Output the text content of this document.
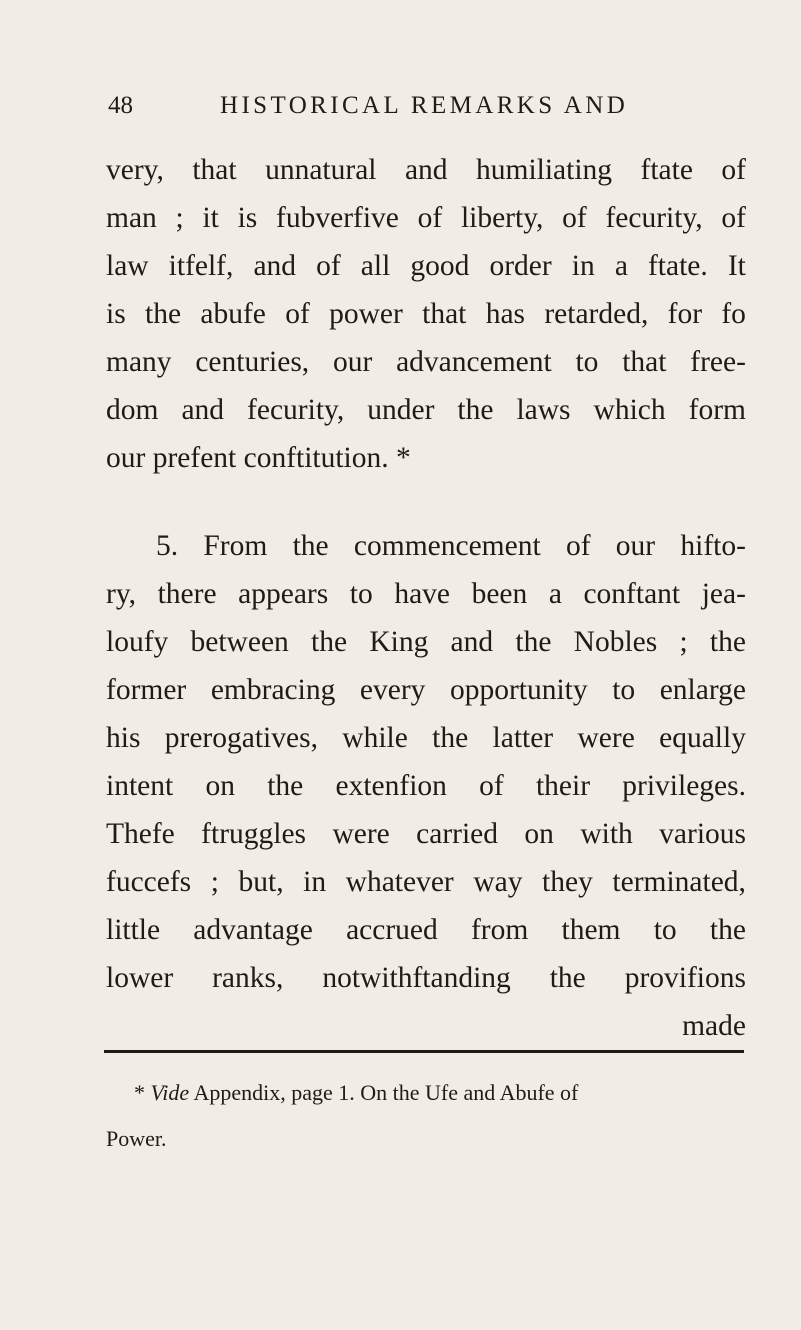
48	HISTORICAL REMARKS AND
very, that unnatural and humiliating ftate of
man ; it is fubverfive of liberty, of fecurity, of
law itfelf, and of all good order in a ftate. It
is the abufe of power that has retarded, for fo
many centuries, our advancement to that free-
dom and fecurity, under the laws which form
our prefent conftitution. *
5. From the commencement of our hifto-
ry, there appears to have been a conftant jea-
loufy between the King and the Nobles ; the
former embracing every opportunity to enlarge
his prerogatives, while the latter were equally
intent on the extenfion of their privileges.
Thefe ftruggles were carried on with various
fuccefs ; but, in whatever way they terminated,
little advantage accrued from them to the
lower ranks, notwithftanding the provifions
made
* Vide Appendix, page 1. On the Ufe and Abufe of
Power.
